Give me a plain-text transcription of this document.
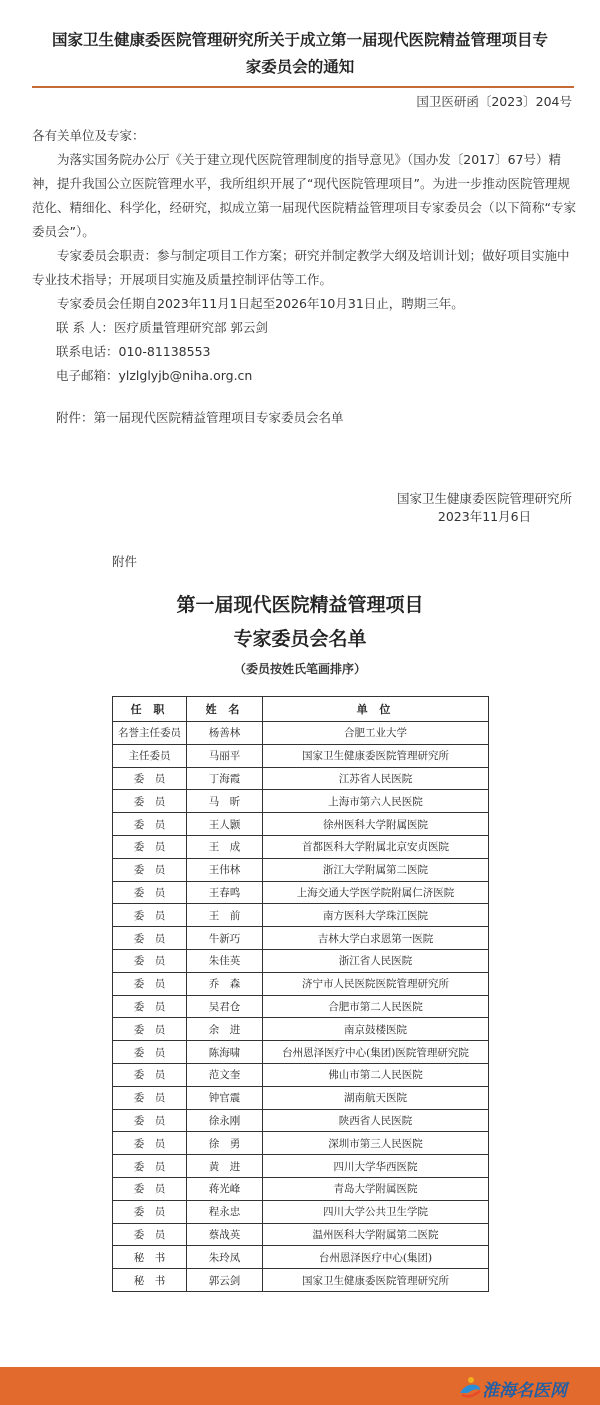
国家卫生健康委医院管理研究所关于成立第一届现代医院精益管理项目专
家委员会的通知
国卫医研函〔2023〕204号

各有关单位及专家：

为落实国务院办公厅《关于建立现代医院管理制度的指导意见》（国办发〔2017〕67号）精神，提升我国公立医院管理水平，我所组织开展了“现代医院管理项目”。为进一步推动医院管理规范化、精细化、科学化，经研究，拟成立第一届现代医院精益管理项目专家委员会（以下简称“专家委员会”）。

专家委员会职责：参与制定项目工作方案；研究并制定教学大纲及培训计划；做好项目实施中专业技术指导；开展项目实施及质量控制评估等工作。

专家委员会任期自2023年11月1日起至2026年10月31日止，聘期三年。

联 系 人：医疗质量管理研究部 郭云剑

联系电话：010-81138553

电子邮箱：ylzlglyjb@niha.org.cn

附件：第一届现代医院精益管理项目专家委员会名单

国家卫生健康委医院管理研究所
2023年11月6日
附件
第一届现代医院精益管理项目
专家委员会名单
（委员按姓氏笔画排序）
任 职	姓 名	单 位
名誉主任委员	杨善林	合肥工业大学
主任委员	马丽平	国家卫生健康委医院管理研究所
委　员	丁海霞	江苏省人民医院
委　员	马　昕	上海市第六人民医院
委　员	王人颢	徐州医科大学附属医院
委　员	王　成	首都医科大学附属北京安贞医院
委　员	王伟林	浙江大学附属第二医院
委　员	王春鸣	上海交通大学医学院附属仁济医院
委　员	王　前	南方医科大学珠江医院
委　员	牛新巧	吉林大学白求恩第一医院
委　员	朱佳英	浙江省人民医院
委　员	乔　森	济宁市人民医院医院管理研究所
委　员	吴君仓	合肥市第二人民医院
委　员	余　进	南京鼓楼医院
委　员	陈海啸	台州恩泽医疗中心(集团)医院管理研究院
委　员	范文奎	佛山市第二人民医院
委　员	钟官震	湖南航天医院
委　员	徐永刚	陕西省人民医院
委　员	徐　勇	深圳市第三人民医院
委　员	黄　进	四川大学华西医院
委　员	蒋光峰	青岛大学附属医院
委　员	程永忠	四川大学公共卫生学院
委　员	蔡战英	温州医科大学附属第二医院
秘　书	朱玲凤	台州恩泽医疗中心(集团)
秘　书	郭云剑	国家卫生健康委医院管理研究所
淮海名医网
